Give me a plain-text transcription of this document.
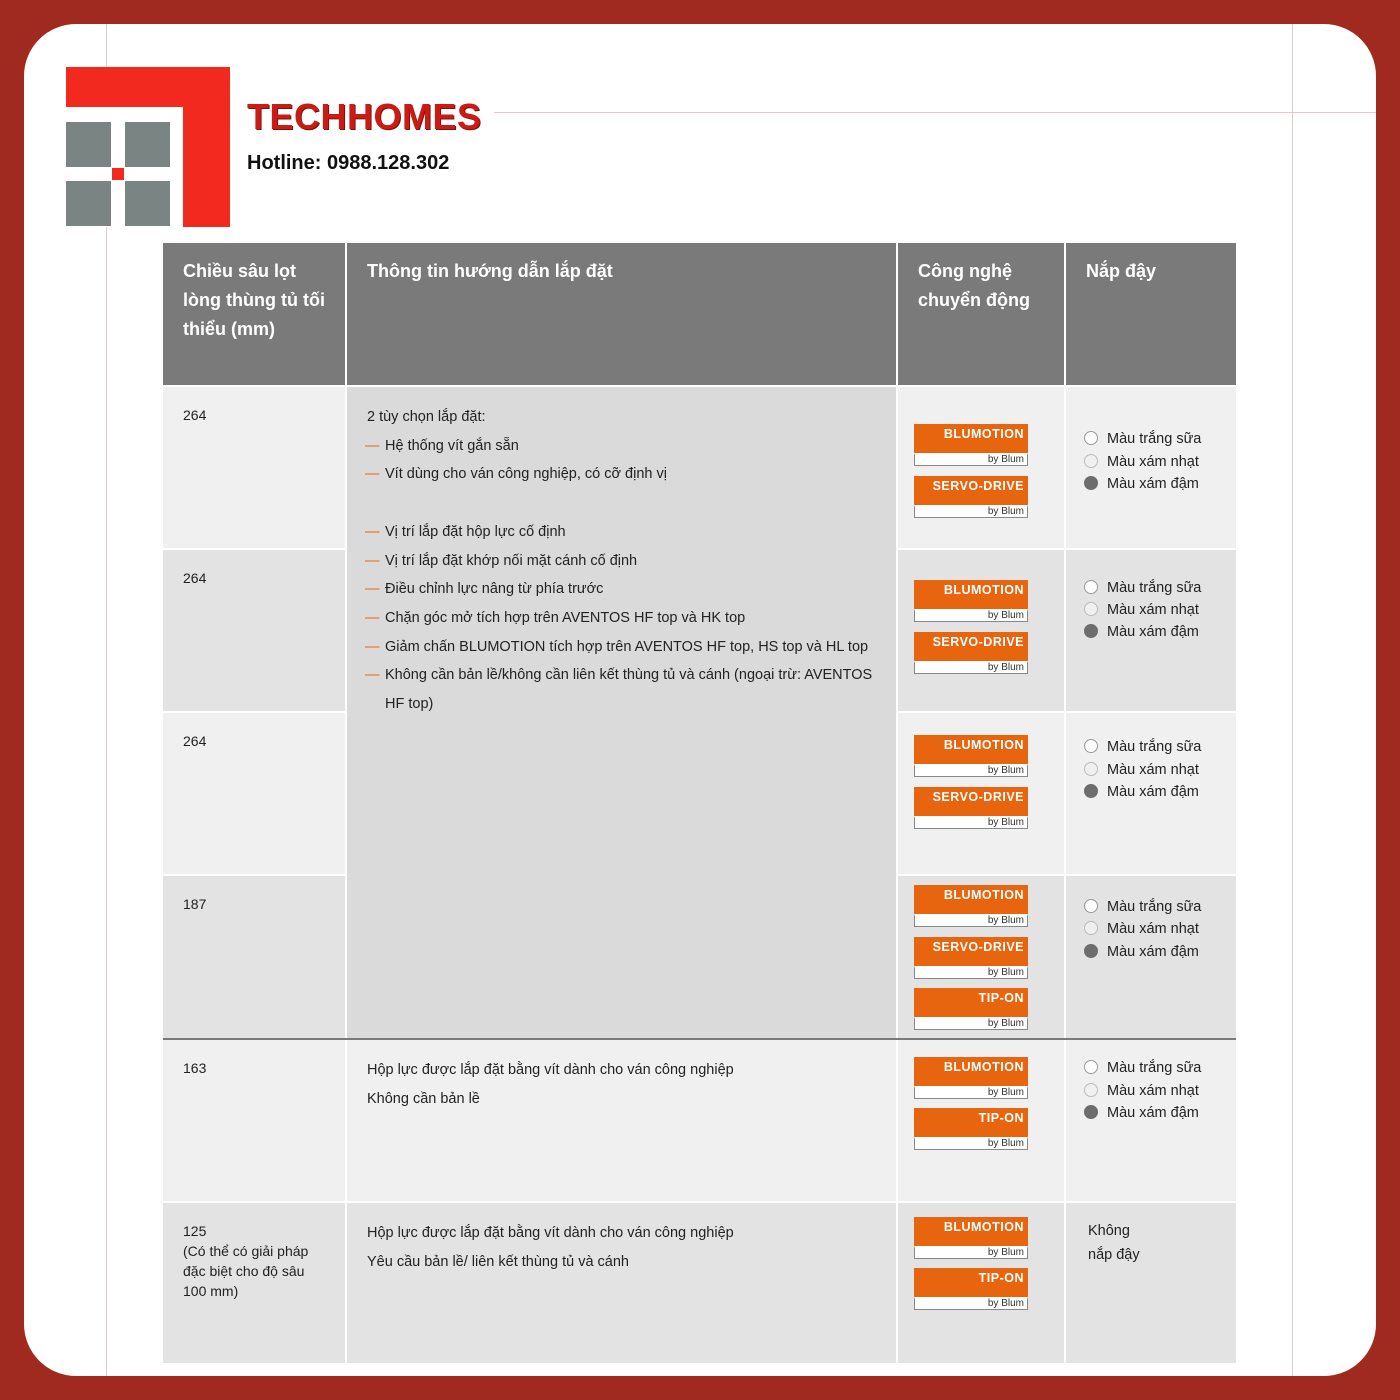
TECHHOMES
Hotline: 0988.128.302
Chiều sâu lọt lòng thùng tủ tối thiểu (mm)
Thông tin hướng dẫn lắp đặt	Công nghệ chuyển động
Nắp đậy
264
264
264
187
163
125
(Có thể có giải pháp đặc biệt cho độ sâu 100 mm)
2 tùy chọn lắp đặt:
— Hệ thống vít gắn sẵn
— Vít dùng cho ván công nghiệp, có cỡ định vị
— Vị trí lắp đặt hộp lực cố định
— Vị trí lắp đặt khớp nối mặt cánh cố định
— Điều chỉnh lực nâng từ phía trước
— Chặn góc mở tích hợp trên AVENTOS HF top và HK top
— Giảm chấn BLUMOTION tích hợp trên AVENTOS HF top, HS top và HL top
— Không cần bản lề/không cần liên kết thùng tủ và cánh (ngoại trừ: AVENTOS HF top)
Hộp lực được lắp đặt bằng vít dành cho ván công nghiệp
Không cần bản lề
Hộp lực được lắp đặt bằng vít dành cho ván công nghiệp
Yêu cầu bản lề/ liên kết thùng tủ và cánh
BLUMOTION
by Blum
SERVO-DRIVE
by Blum
BLUMOTION
by Blum
SERVO-DRIVE
by Blum
BLUMOTION
by Blum
SERVO-DRIVE
by Blum
BLUMOTION
by Blum
SERVO-DRIVE
by Blum
TIP-ON
by Blum
BLUMOTION
by Blum
TIP-ON
by Blum
BLUMOTION
by Blum
TIP-ON
by Blum
Màu trắng sữa
Màu xám nhạt
Màu xám đậm
Màu trắng sữa
Màu xám nhạt
Màu xám đậm
Màu trắng sữa
Màu xám nhạt
Màu xám đậm
Màu trắng sữa
Màu xám nhạt
Màu xám đậm
Màu trắng sữa
Màu xám nhạt
Màu xám đậm
Không
nắp đậy
